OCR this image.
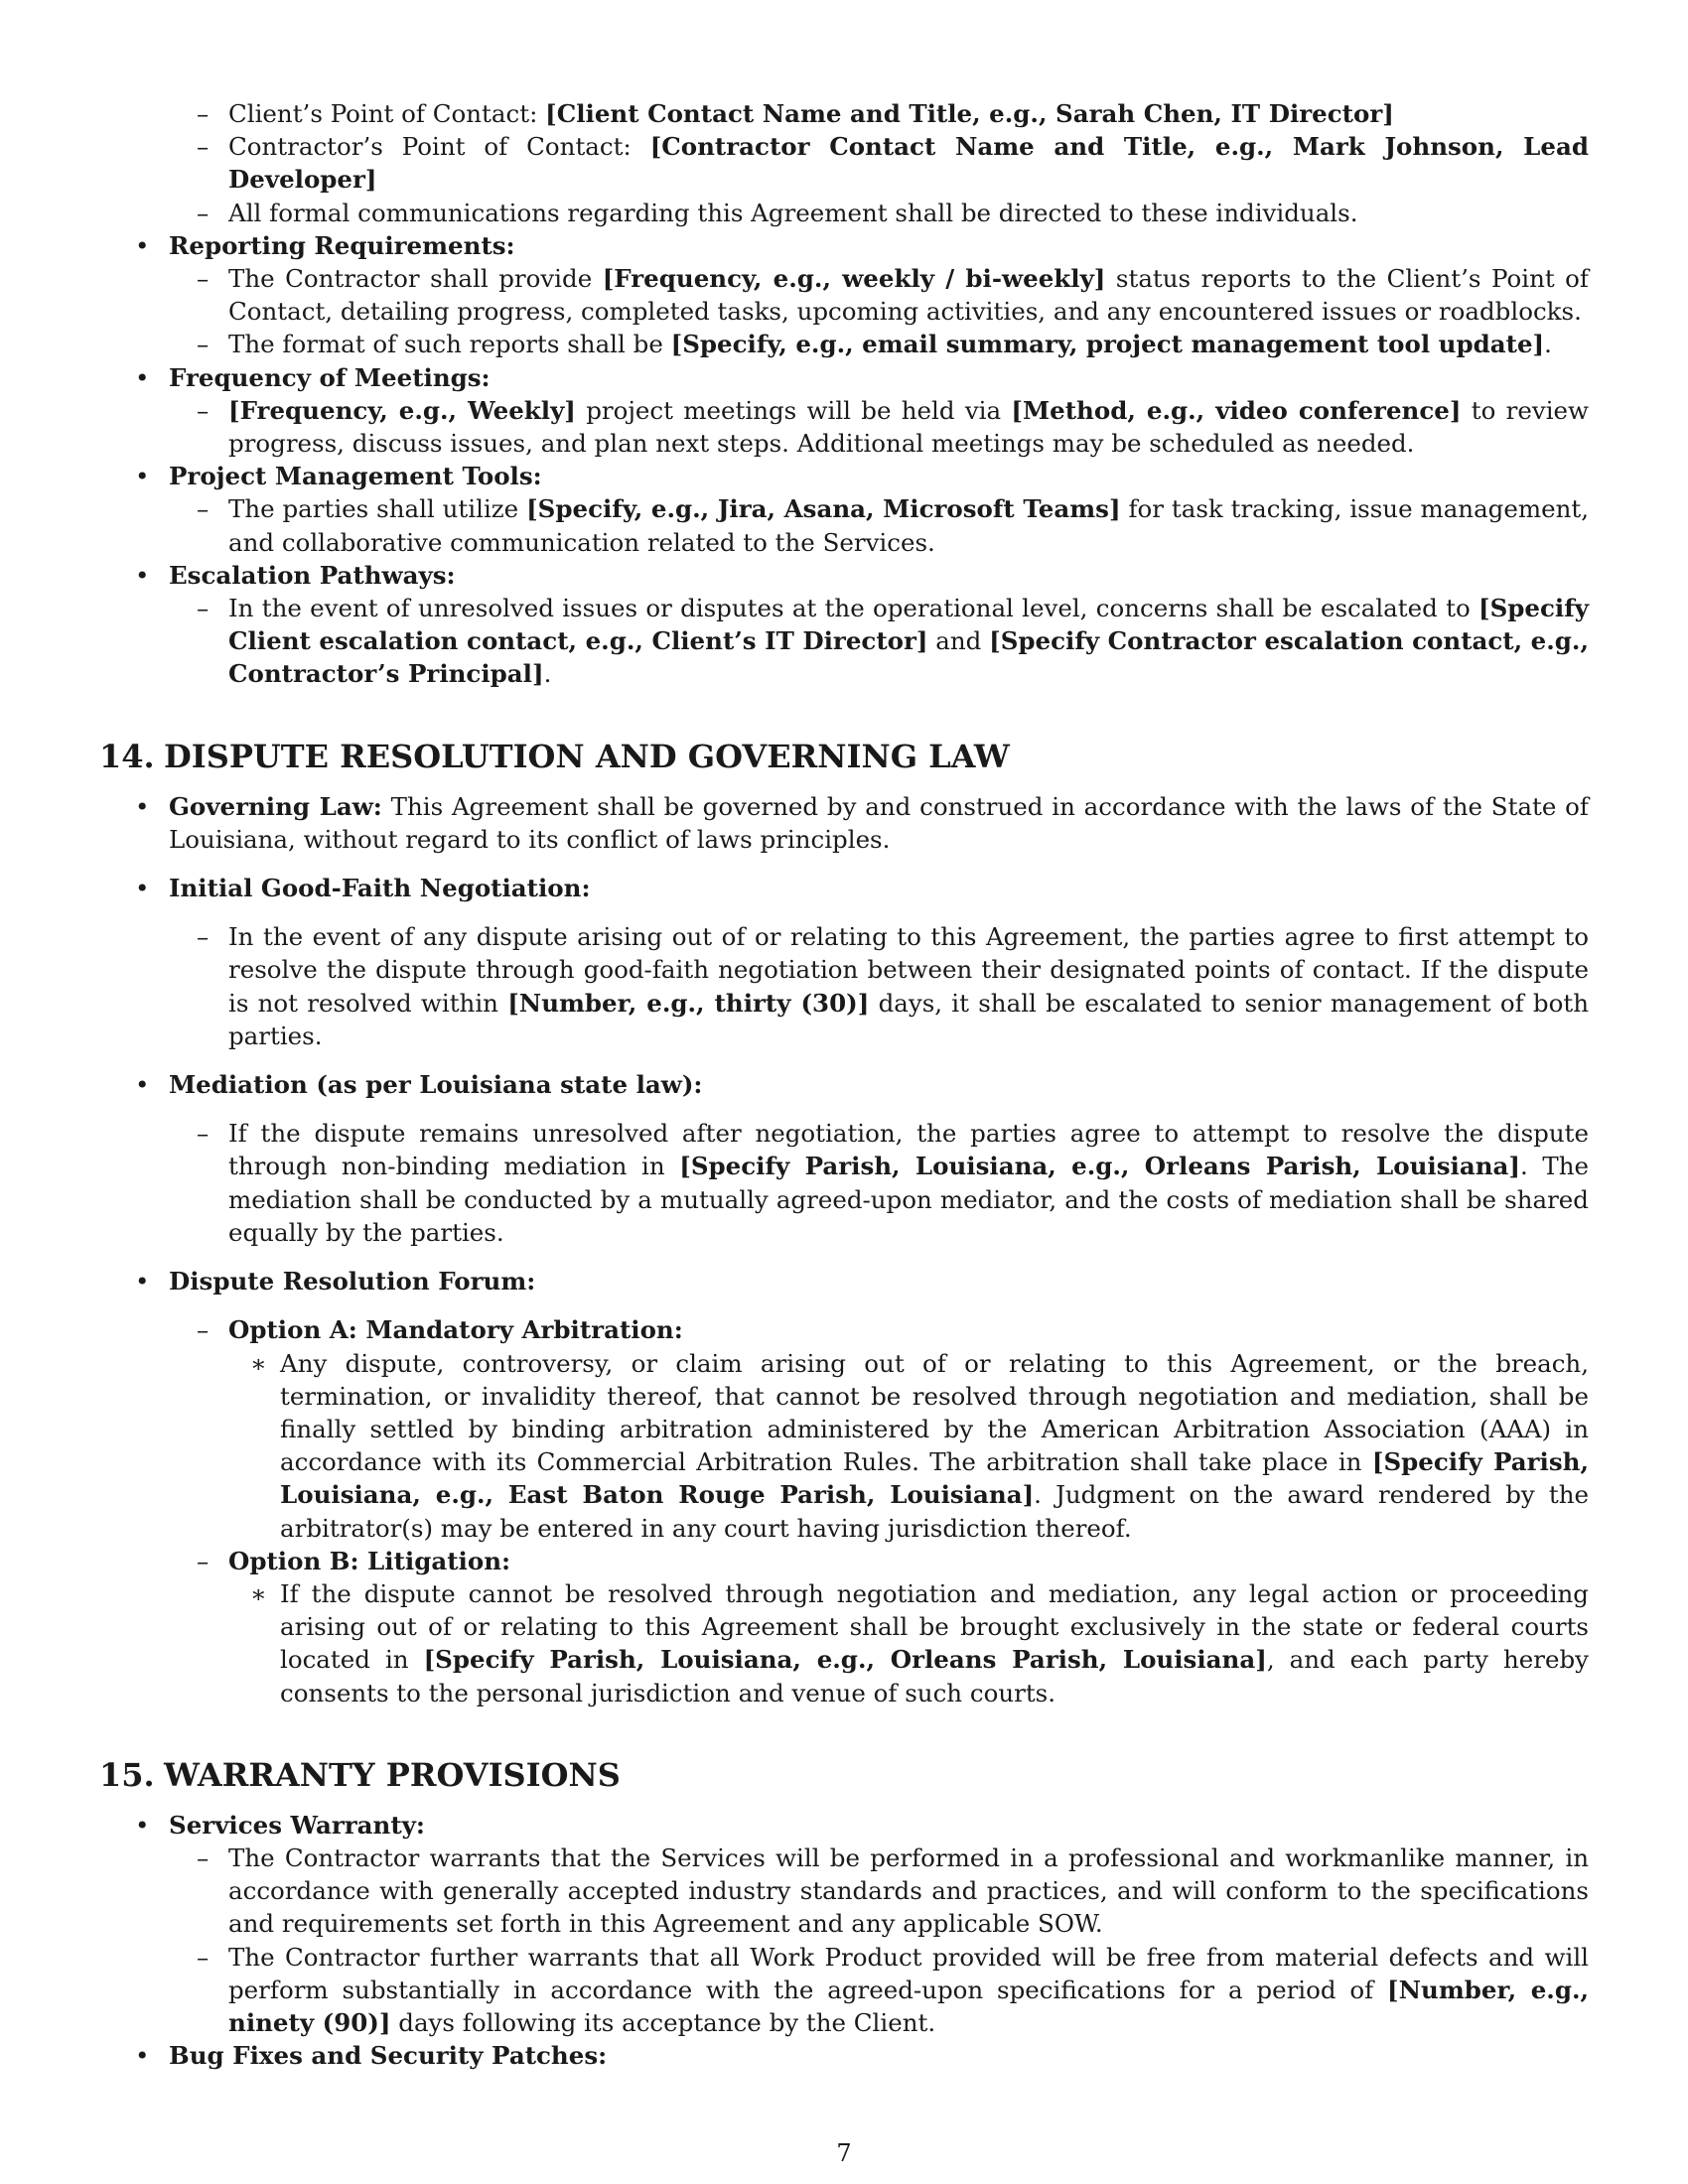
– Client’s Point of Contact: [Client Contact Name and Title, e.g., Sarah Chen, IT Director]

– Contractor’s Point of Contact: [Contractor Contact Name and Title, e.g., Mark Johnson, Lead Developer]

– All formal communications regarding this Agreement shall be directed to these individuals.

• Reporting Requirements:

– The Contractor shall provide [Frequency, e.g., weekly / bi-weekly] status reports to the Client’s Point of Contact, detailing progress, completed tasks, upcoming activities, and any encountered issues or roadblocks.

– The format of such reports shall be [Specify, e.g., email summary, project management tool update].

• Frequency of Meetings:

– [Frequency, e.g., Weekly] project meetings will be held via [Method, e.g., video conference] to review progress, discuss issues, and plan next steps. Additional meetings may be scheduled as needed.

• Project Management Tools:

– The parties shall utilize [Specify, e.g., Jira, Asana, Microsoft Teams] for task tracking, issue management, and collaborative communication related to the Services.

• Escalation Pathways:

– In the event of unresolved issues or disputes at the operational level, concerns shall be escalated to [Specify Client escalation contact, e.g., Client’s IT Director] and [Specify Contractor escalation contact, e.g., Contractor’s Principal].

14. DISPUTE RESOLUTION AND GOVERNING LAW

• Governing Law: This Agreement shall be governed by and construed in accordance with the laws of the State of Louisiana, without regard to its conflict of laws principles.

• Initial Good-Faith Negotiation:

– In the event of any dispute arising out of or relating to this Agreement, the parties agree to first attempt to resolve the dispute through good-faith negotiation between their designated points of contact. If the dispute is not resolved within [Number, e.g., thirty (30)] days, it shall be escalated to senior management of both parties.

• Mediation (as per Louisiana state law):

– If the dispute remains unresolved after negotiation, the parties agree to attempt to resolve the dispute through non-binding mediation in [Specify Parish, Louisiana, e.g., Orleans Parish, Louisiana]. The mediation shall be conducted by a mutually agreed-upon mediator, and the costs of mediation shall be shared equally by the parties.

• Dispute Resolution Forum:

– Option A: Mandatory Arbitration:

∗ Any dispute, controversy, or claim arising out of or relating to this Agreement, or the breach, termination, or invalidity thereof, that cannot be resolved through negotiation and mediation, shall be finally settled by binding arbitration administered by the American Arbitration Association (AAA) in accordance with its Commercial Arbitration Rules. The arbitration shall take place in [Specify Parish, Louisiana, e.g., East Baton Rouge Parish, Louisiana]. Judgment on the award rendered by the arbitrator(s) may be entered in any court having jurisdiction thereof.

– Option B: Litigation:

∗ If the dispute cannot be resolved through negotiation and mediation, any legal action or proceeding arising out of or relating to this Agreement shall be brought exclusively in the state or federal courts located in [Specify Parish, Louisiana, e.g., Orleans Parish, Louisiana], and each party hereby consents to the personal jurisdiction and venue of such courts.

15. WARRANTY PROVISIONS

• Services Warranty:

– The Contractor warrants that the Services will be performed in a professional and workmanlike manner, in accordance with generally accepted industry standards and practices, and will conform to the specifications and requirements set forth in this Agreement and any applicable SOW.

– The Contractor further warrants that all Work Product provided will be free from material defects and will perform substantially in accordance with the agreed-upon specifications for a period of [Number, e.g., ninety (90)] days following its acceptance by the Client.

• Bug Fixes and Security Patches:

7
